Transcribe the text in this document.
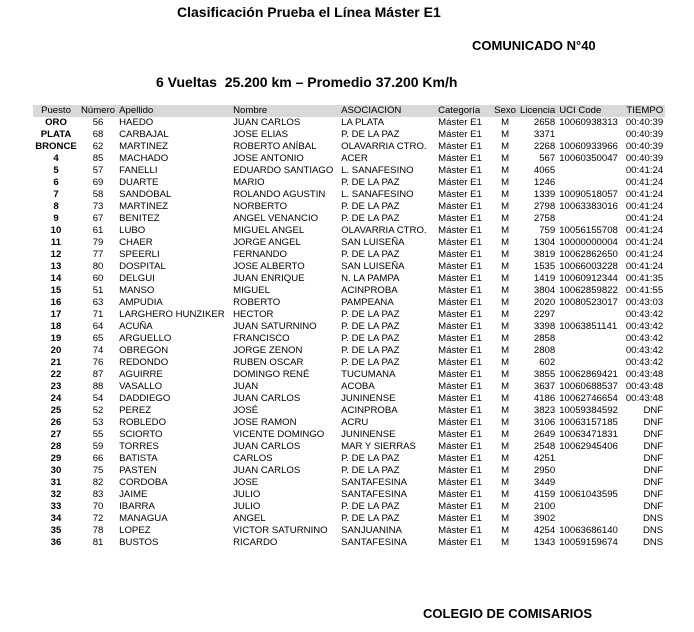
Clasificación Prueba el Línea Máster E1
COMUNICADO N°40
6 Vueltas  25.200 km – Promedio 37.200 Km/h
Puesto	Número	Apellido	Nombre	ASOCIACION	Categoría	Sexo	Licencia	UCI Code	TIEMPO
ORO	56	HAEDO	JUAN CARLOS	LA PLATA	Máster E1	M	2658	10060938313	00:40:39
PLATA	68	CARBAJAL	JOSE ELIAS	P. DE LA PAZ	Máster E1	M	3371		00:40:39
BRONCE	62	MARTINEZ	ROBERTO ANÍBAL	OLAVARRIA CTRO.	Máster E1	M	2268	10060933966	00:40:39
4	85	MACHADO	JOSE ANTONIO	ACER	Máster E1	M	567	10060350047	00:40:39
5	57	FANELLI	EDUARDO SANTIAGO	L. SANAFESINO	Máster E1	M	4065		00:41:24
6	69	DUARTE	MARIO	P. DE LA PAZ	Máster E1	M	1246		00:41:24
7	58	SANDOBAL	ROLANDO AGUSTIN	L. SANAFESINO	Máster E1	M	1339	10090518057	00:41:24
8	73	MARTINEZ	NORBERTO	P. DE LA PAZ	Máster E1	M	2798	10063383016	00:41:24
9	67	BENITEZ	ANGEL VENANCIO	P. DE LA PAZ	Máster E1	M	2758		00:41:24
10	61	LUBO	MIGUEL ANGEL	OLAVARRIA CTRO.	Máster E1	M	759	10056155708	00:41:24
11	79	CHAER	JORGE ANGEL	SAN LUISEÑA	Máster E1	M	1304	10000000004	00:41:24
12	77	SPEERLI	FERNANDO	P. DE LA PAZ	Máster E1	M	3819	10062862650	00:41:24
13	80	DOSPITAL	JOSE ALBERTO	SAN LUISEÑA	Máster E1	M	1535	10066003228	00:41:24
14	60	DELGUI	JUAN ENRIQUE	N. LA PAMPA	Máster E1	M	1419	10060912344	00:41:35
15	51	MANSO	MIGUEL	ACINPROBA	Máster E1	M	3804	10062859822	00:41:55
16	63	AMPUDIA	ROBERTO	PAMPEANA	Máster E1	M	2020	10080523017	00:43:03
17	71	LARGHERO HUNZIKER	HECTOR	P. DE LA PAZ	Máster E1	M	2297		00:43:42
18	64	ACUÑA	JUAN SATURNINO	P. DE LA PAZ	Máster E1	M	3398	10063851141	00:43:42
19	65	ARGUELLO	FRANCISCO	P. DE LA PAZ	Máster E1	M	2858		00:43:42
20	74	OBREGON	JORGE ZENON	P. DE LA PAZ	Máster E1	M	2808		00:43:42
21	76	REDONDO	RUBEN OSCAR	P. DE LA PAZ	Máster E1	M	602		00:43:42
22	87	AGUIRRE	DOMINGO RENÉ	TUCUMANA	Máster E1	M	3855	10062869421	00:43:48
23	88	VASALLO	JUAN	ACOBA	Máster E1	M	3637	10060688537	00:43:48
24	54	DADDIEGO	JUAN CARLOS	JUNINENSE	Máster E1	M	4186	10062746654	00:43:48
25	52	PEREZ	JOSÉ	ACINPROBA	Máster E1	M	3823	10059384592	DNF
26	53	ROBLEDO	JOSE RAMON	ACRU	Máster E1	M	3106	10063157185	DNF
27	55	SCIORTO	VICENTE DOMINGO	JUNINENSE	Máster E1	M	2649	10063471831	DNF
28	59	TORRES	JUAN CARLOS	MAR Y SIERRAS	Máster E1	M	2548	10062945406	DNF
29	66	BATISTA	CARLOS	P. DE LA PAZ	Máster E1	M	4251		DNF
30	75	PASTEN	JUAN CARLOS	P. DE LA PAZ	Máster E1	M	2950		DNF
31	82	CORDOBA	JOSE	SANTAFESINA	Máster E1	M	3449		DNF
32	83	JAIME	JULIO	SANTAFESINA	Máster E1	M	4159	10061043595	DNF
33	70	IBARRA	JULIO	P. DE LA PAZ	Máster E1	M	2100		DNF
34	72	MANAGUA	ANGEL	P. DE LA PAZ	Máster E1	M	3902		DNS
35	78	LOPEZ	VICTOR SATURNINO	SANJUANINA	Máster E1	M	4254	10063686140	DNS
36	81	BUSTOS	RICARDO	SANTAFESINA	Máster E1	M	1343	10059159674	DNS
COLEGIO DE COMISARIOS
